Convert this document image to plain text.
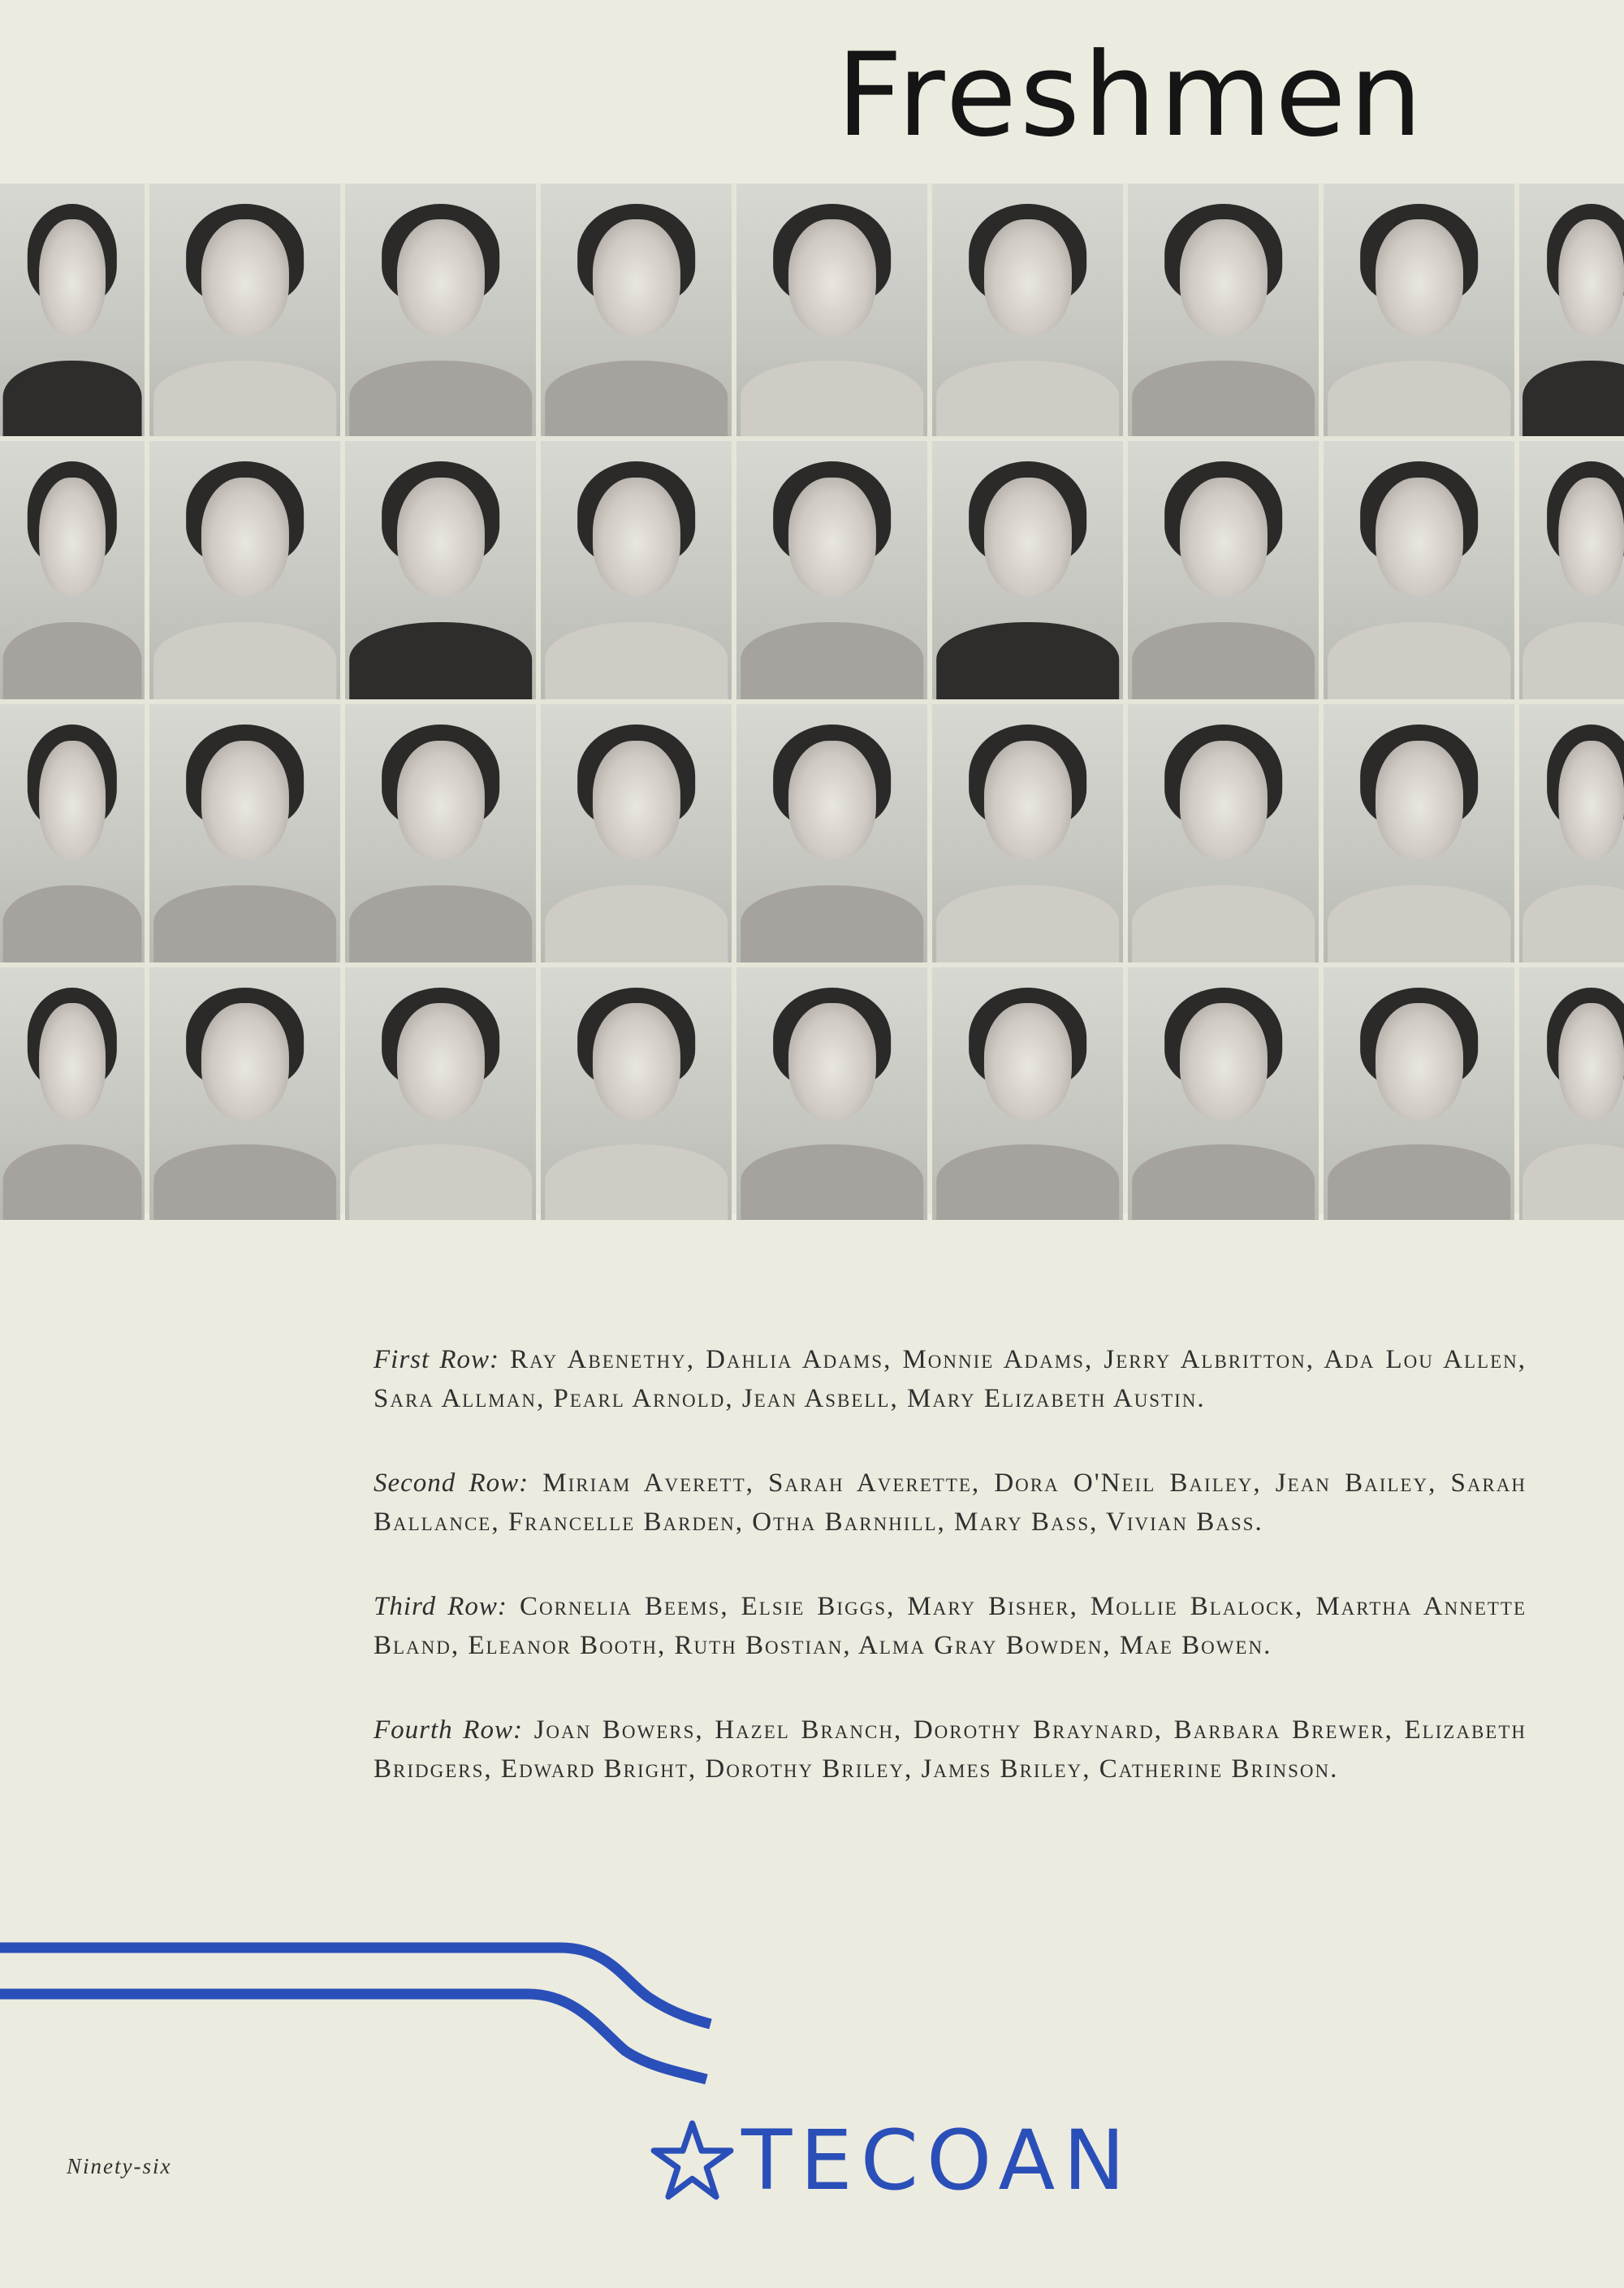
Freshmen

First Row: Ray Abenethy, Dahlia Adams, Monnie Adams, Jerry Albritton, Ada Lou Allen, Sara Allman, Pearl Arnold, Jean Asbell, Mary Elizabeth Austin.

Second Row: Miriam Averett, Sarah Averette, Dora O'Neil Bailey, Jean Bailey, Sarah Ballance, Francelle Barden, Otha Barnhill, Mary Bass, Vivian Bass.

Third Row: Cornelia Beems, Elsie Biggs, Mary Bisher, Mollie Blalock, Martha Annette Bland, Eleanor Booth, Ruth Bostian, Alma Gray Bowden, Mae Bowen.

Fourth Row: Joan Bowers, Hazel Branch, Dorothy Braynard, Barbara Brewer, Elizabeth Bridgers, Edward Bright, Dorothy Briley, James Briley, Catherine Brinson.

TECOAN
Ninety-six
